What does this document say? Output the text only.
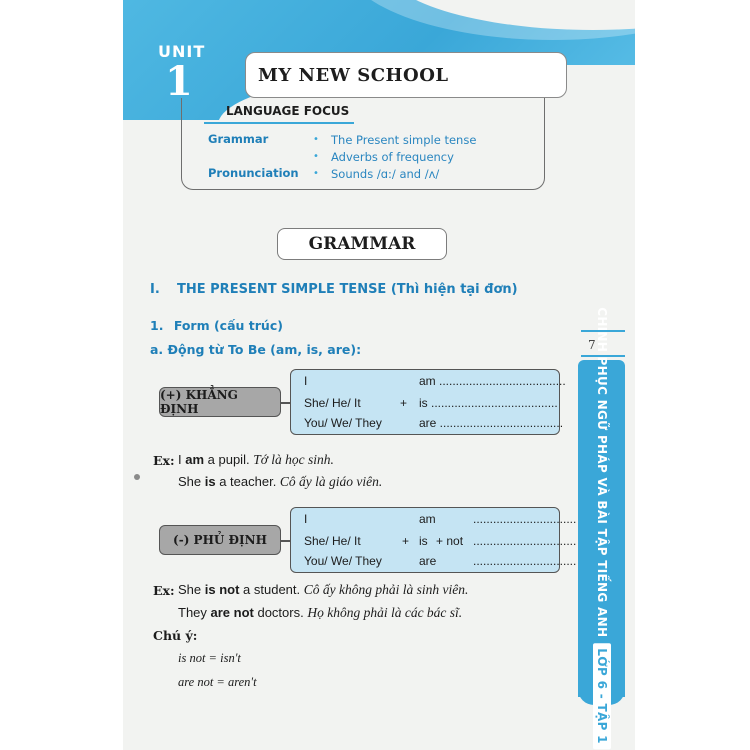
UNIT
1	MY NEW SCHOOL
LANGUAGE FOCUS
Grammar	• The Present simple tense
• Adverbs of frequency
Pronunciation • Sounds /ɑ:/ and /ʌ/
GRAMMAR
I. THE PRESENT SIMPLE TENSE (Thì hiện tại đơn)
1. Form (cấu trúc)
a. Động từ To Be (am, is, are):
(+) KHẲNG ĐỊNH
I
She/ He/ It
You/ We/ They
+
am ......................................
is ......................................
are .....................................
Ex: I am a pupil. Tớ là học sinh.
She is a teacher. Cô ấy là giáo viên.
(-) PHỦ ĐỊNH
I
She/ He/ It
You/ We/ They
+
am
is
are
+ not
...............................
...............................
...............................
Ex: She is not a student. Cô ấy không phải là sinh viên.
They are not doctors. Họ không phải là các bác sĩ.
Chú ý:
is not = isn't
are not = aren't
7 CHINH PHỤC NGỮ PHÁP VÀ BÀI TẬP TIẾNG ANHLỚP 6 - TẬP 1
